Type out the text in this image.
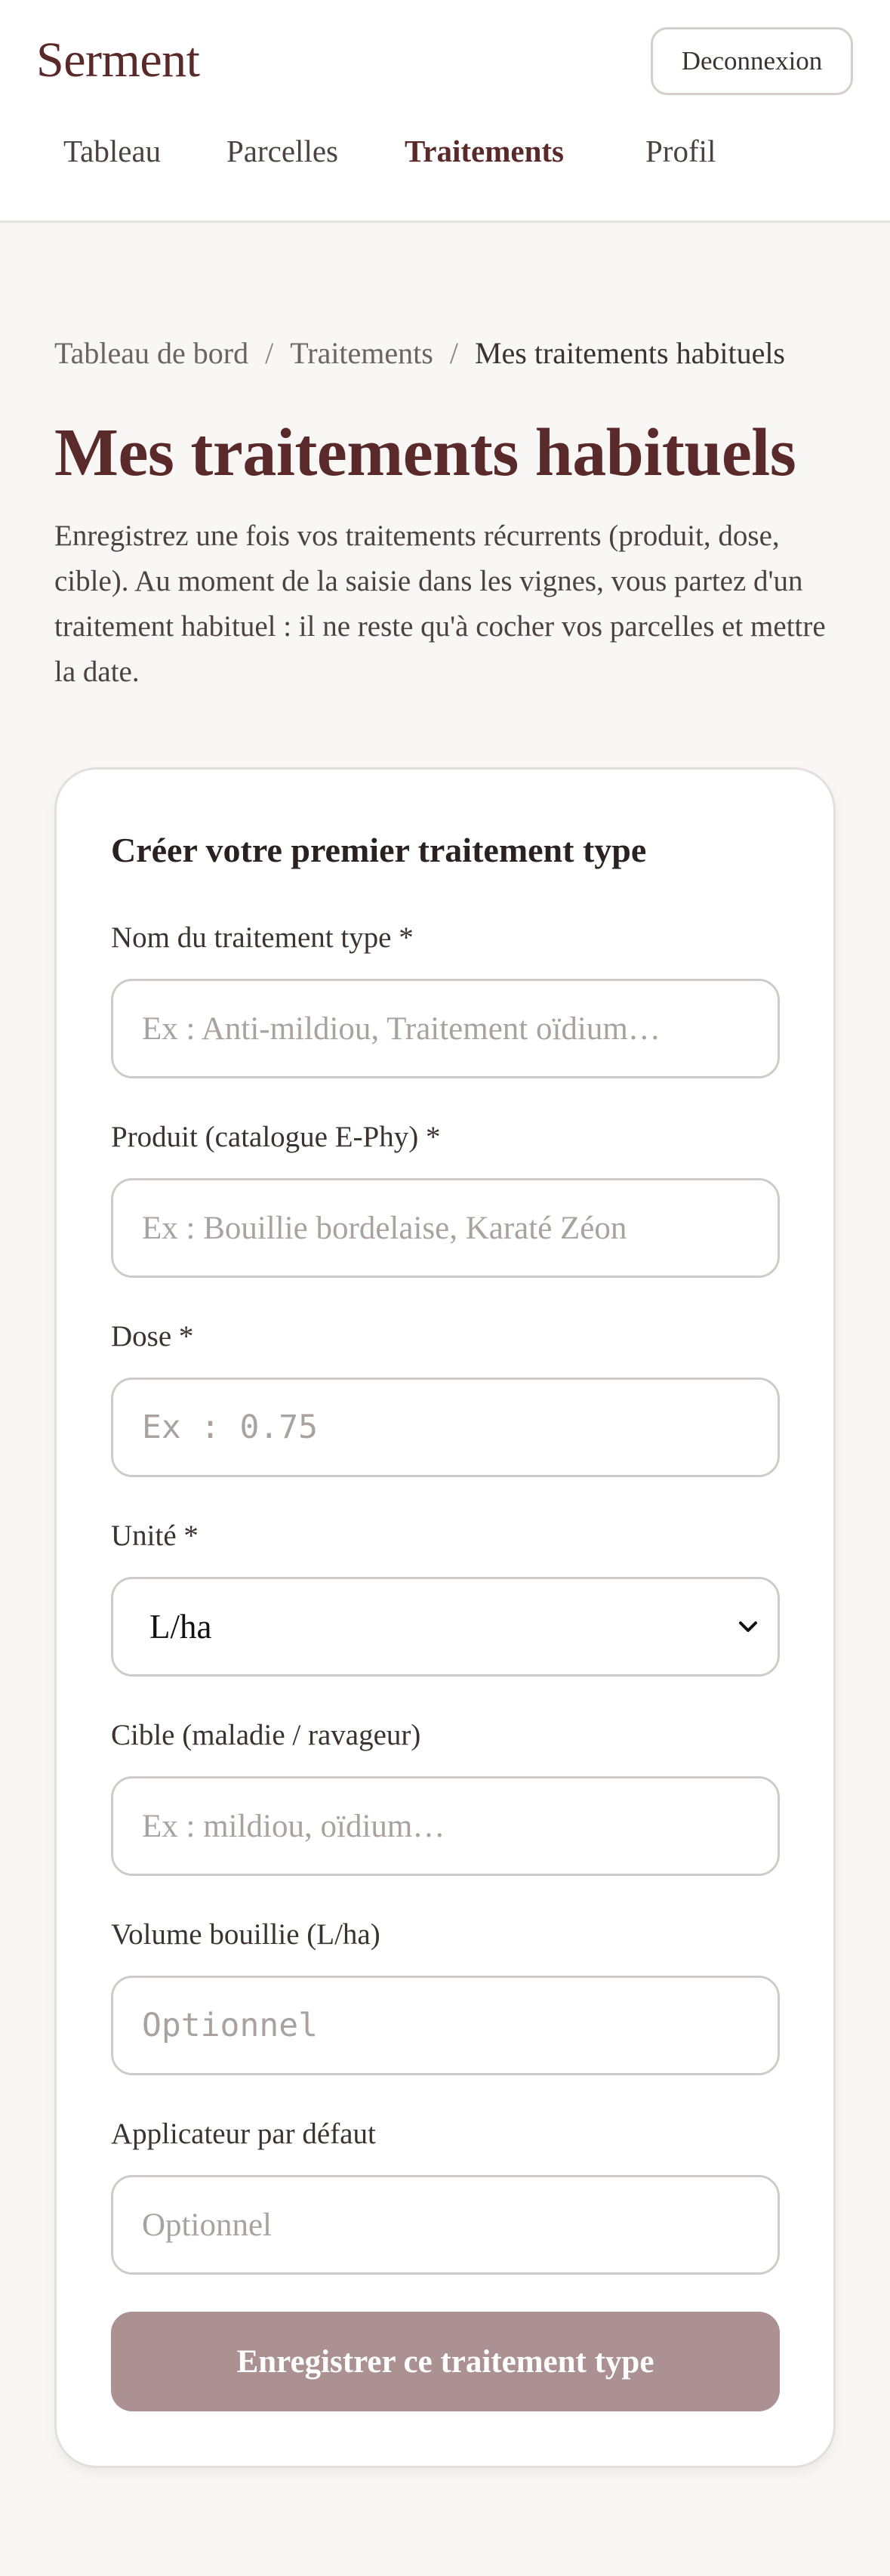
Serment	Deconnexion
Tableau Parcelles Traitements	Profil
Tableau de bord / Traitements / Mes traitements habituels
Mes traitements habituels

Enregistrez une fois vos traitements récurrents (produit, dose, cible). Au moment de la saisie dans les vignes, vous partez d'un traitement habituel : il ne reste qu'à cocher vos parcelles et mettre la date.

Créer votre premier traitement type
Nom du traitement type *
Ex : Anti-mildiou, Traitement oïdium…
Produit (catalogue E-Phy) *
Ex : Bouillie bordelaise, Karaté Zéon
Dose *
Ex : 0.75
Unité *
L/ha
Cible (maladie / ravageur)
Ex : mildiou, oïdium…
Volume bouillie (L/ha)
Optionnel
Applicateur par défaut
Optionnel
Enregistrer ce traitement type
